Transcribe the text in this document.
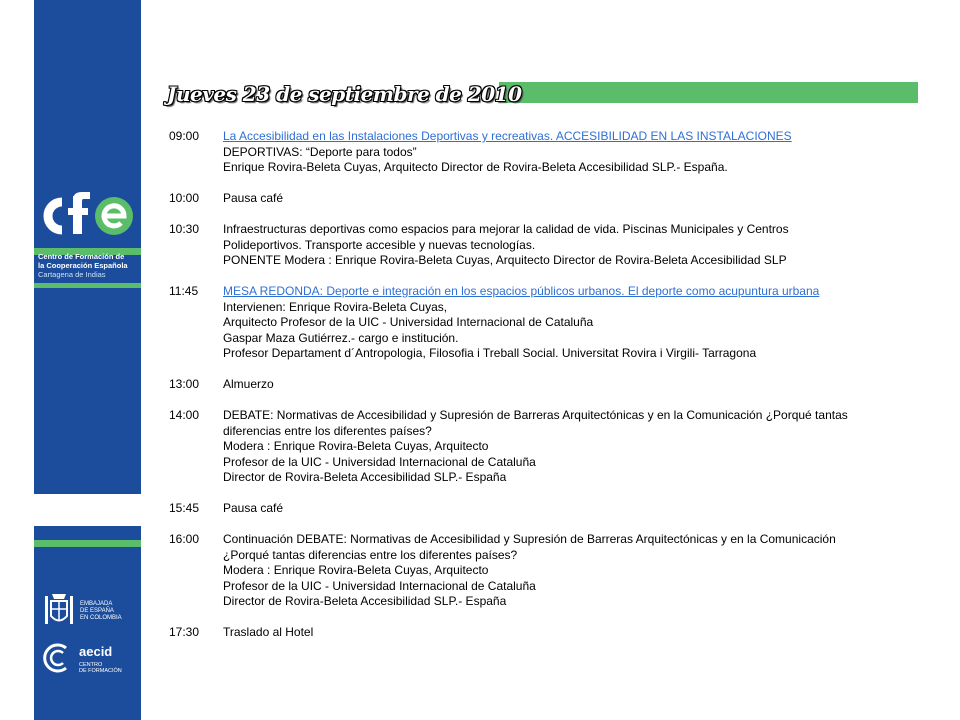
Centro de Formación de
la Cooperación Española
Cartagena de Indias
EMBAJADA
DE ESPAÑA
EN COLOMBIA
aecid
CENTRO
DE FORMACIÓN
Jueves 23 de septiembre de 2010
09:00	La Accesibilidad en las Instalaciones Deportivas y recreativas. ACCESIBILIDAD EN LAS INSTALACIONES
DEPORTIVAS: “Deporte para todos”
Enrique Rovira-Beleta Cuyas, Arquitecto Director de Rovira-Beleta Accesibilidad SLP.- España.
10:00	Pausa café
10:30	Infraestructuras deportivas como espacios para mejorar la calidad de vida. Piscinas Municipales y Centros
Polideportivos. Transporte accesible y nuevas tecnologías.
PONENTE Modera : Enrique Rovira-Beleta Cuyas, Arquitecto Director de Rovira-Beleta Accesibilidad SLP
11:45	MESA REDONDA: Deporte e integración en los espacios públicos urbanos. El deporte como acupuntura urbana
Intervienen: Enrique Rovira-Beleta Cuyas,
Arquitecto Profesor de la UIC - Universidad Internacional de Cataluña
Gaspar Maza Gutiérrez.- cargo e institución.
Profesor Departament d´Antropologia, Filosofia i Treball Social. Universitat Rovira i Virgili- Tarragona
13:00	Almuerzo
14:00	DEBATE: Normativas de Accesibilidad y Supresión de Barreras Arquitectónicas y en la Comunicación ¿Porqué tantas
diferencias entre los diferentes países?
Modera : Enrique Rovira-Beleta Cuyas, Arquitecto
Profesor de la UIC - Universidad Internacional de Cataluña
Director de Rovira-Beleta Accesibilidad SLP.- España
15:45	Pausa café
16:00	Continuación DEBATE: Normativas de Accesibilidad y Supresión de Barreras Arquitectónicas y en la Comunicación
¿Porqué tantas diferencias entre los diferentes países?
Modera : Enrique Rovira-Beleta Cuyas, Arquitecto
Profesor de la UIC - Universidad Internacional de Cataluña
Director de Rovira-Beleta Accesibilidad SLP.- España
17:30	Traslado al Hotel
